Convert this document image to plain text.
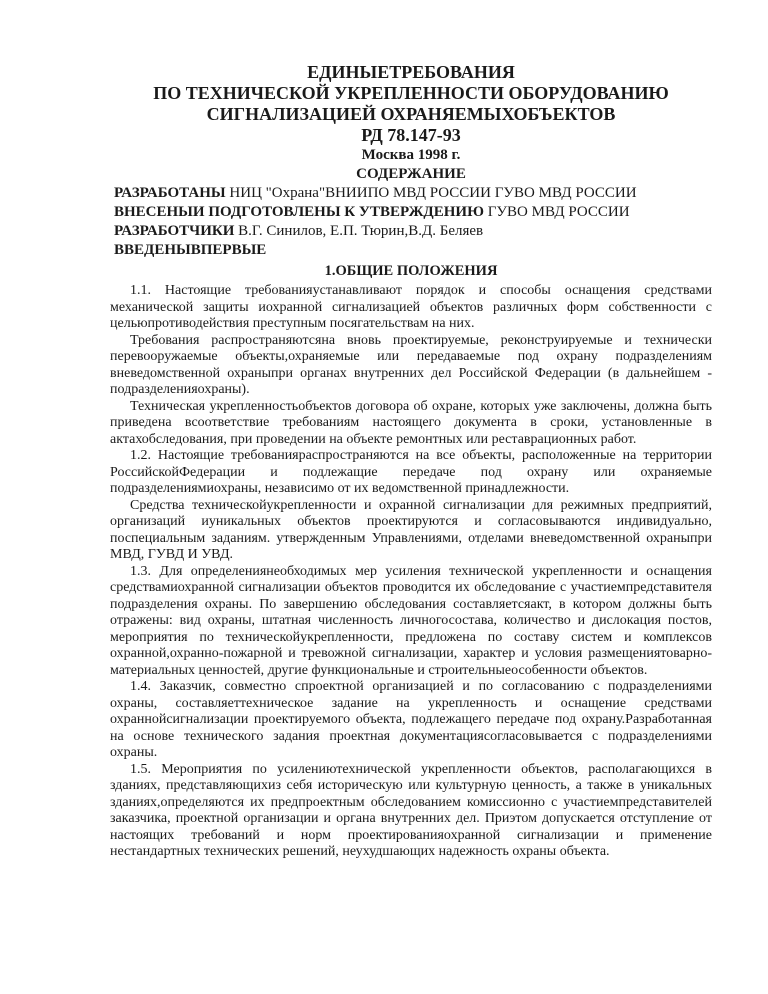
ЕДИНЫЕТРЕБОВАНИЯ
ПО ТЕХНИЧЕСКОЙ УКРЕПЛЕННОСТИ ОБОРУДОВАНИЮ
СИГНАЛИЗАЦИЕЙ ОХРАНЯЕМЫХОБЪЕКТОВ
РД 78.147-93
Москва 1998 г.
СОДЕРЖАНИЕ
РАЗРАБОТАНЫ НИЦ "Охрана"ВНИИПО МВД РОССИИ ГУВО МВД РОССИИ
ВНЕСЕНЫИ ПОДГОТОВЛЕНЫ К УТВЕРЖДЕНИЮ ГУВО МВД РОССИИ
РАЗРАБОТЧИКИ В.Г. Синилов, Е.П. Тюрин,В.Д. Беляев
ВВЕДЕНЫВПЕРВЫЕ
1.ОБЩИЕ ПОЛОЖЕНИЯ

1.1. Настоящие требованияустанавливают порядок и способы оснащения средствами механической защиты иохранной сигнализацией объектов различных форм собственности с цельюпротиводействия преступным посягательствам на них.

Требования распространяютсяна вновь проектируемые, реконструируемые и технически перевооружаемые объекты,охраняемые или передаваемые под охрану подразделениям вневедомственной охраныпри органах внутренних дел Российской Федерации (в дальнейшем - подразделенияохраны).

Техническая укрепленностьобъектов договора об охране, которых уже заключены, должна быть приведена всоответствие требованиям настоящего документа в сроки, установленные в актахобследования, при проведении на объекте ремонтных или реставрационных работ.

1.2. Настоящие требованияраспространяются на все объекты, расположенные на территории РоссийскойФедерации и подлежащие передаче под охрану или охраняемые подразделениямиохраны, независимо от их ведомственной принадлежности.

Средства техническойукрепленности и охранной сигнализации для режимных предприятий, организаций иуникальных объектов проектируются и согласовываются индивидуально, поспециальным заданиям. утвержденным Управлениями, отделами вневедомственной охраныпри МВД, ГУВД И УВД.

1.3. Для определениянеобходимых мер усиления технической укрепленности и оснащения средствамиохранной сигнализации объектов проводится их обследование с участиемпредставителя подразделения охраны. По завершению обследования составляетсяакт, в котором должны быть отражены: вид охраны, штатная численность личногосостава, количество и дислокация постов, мероприятия по техническойукрепленности, предложена по составу систем и комплексов охранной,охранно-пожарной и тревожной сигнализации, характер и условия размещениятоварно-материальных ценностей, другие функциональные и строительныеособенности объектов.

1.4. Заказчик, совместно спроектной организацией и по согласованию с подразделениями охраны, составляеттехническое задание на укрепленность и оснащение средствами охраннойсигнализации проектируемого объекта, подлежащего передаче под охрану.Разработанная на основе технического задания проектная документациясогласовывается с подразделениями охраны.

1.5. Мероприятия по усилениютехнической укрепленности объектов, располагающихся в зданиях, представляющихиз себя историческую или культурную ценность, а также в уникальных зданиях,определяются их предпроектным обследованием комиссионно с участиемпредставителей заказчика, проектной организации и органа внутренних дел. Приэтом допускается отступление от настоящих требований и норм проектированияохранной сигнализации и применение нестандартных технических решений, неухудшающих надежность охраны объекта.
